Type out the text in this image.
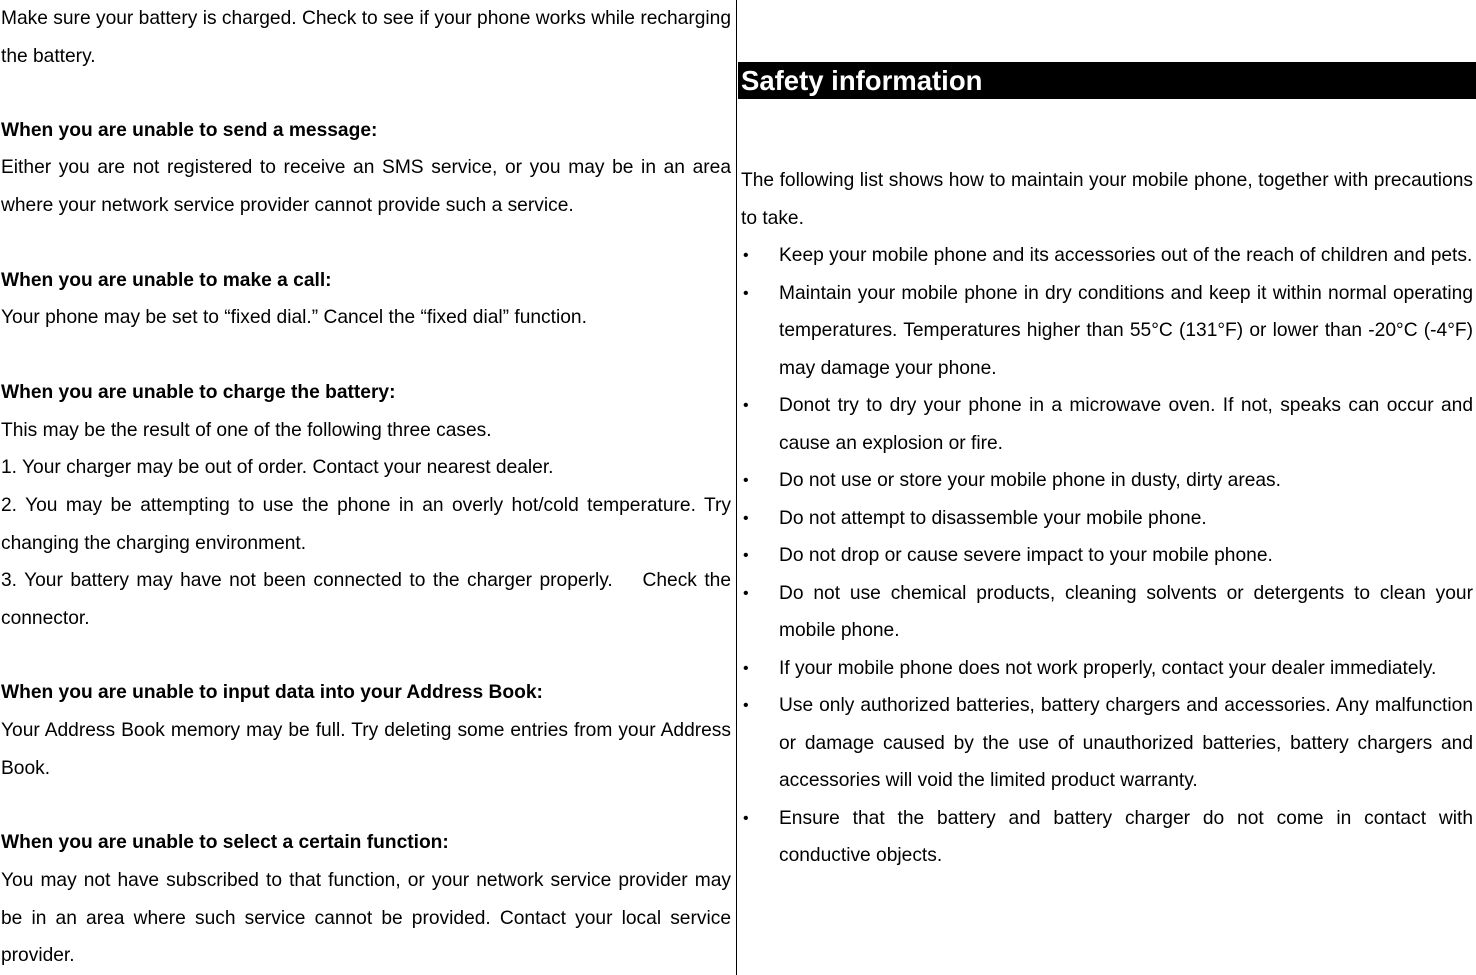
Make sure your battery is charged. Check to see if your phone works while recharging the battery.

When you are unable to send a message:

Either you are not registered to receive an SMS service, or you may be in an area where your network service provider cannot provide such a service.

When you are unable to make a call:

Your phone may be set to “fixed dial.” Cancel the “fixed dial” function.

When you are unable to charge the battery:

This may be the result of one of the following three cases.

1. Your charger may be out of order. Contact your nearest dealer.

2. You may be attempting to use the phone in an overly hot/cold temperature. Try changing the charging environment.

3. Your battery may have not been connected to the charger properly.    Check the connector.

When you are unable to input data into your Address Book:

Your Address Book memory may be full. Try deleting some entries from your Address Book.

When you are unable to select a certain function:

You may not have subscribed to that function, or your network service provider may be in an area where such service cannot be provided. Contact your local service provider.

Safety information

The following list shows how to maintain your mobile phone, together with precautions to take.

• Keep your mobile phone and its accessories out of the reach of children and pets.
• Maintain your mobile phone in dry conditions and keep it within normal operating temperatures. Temperatures higher than 55°C (131°F) or lower than -20°C (-4°F) may damage your phone.
• Donot try to dry your phone in a microwave oven. If not, speaks can occur and cause an explosion or fire.
• Do not use or store your mobile phone in dusty, dirty areas.
• Do not attempt to disassemble your mobile phone.
• Do not drop or cause severe impact to your mobile phone.
• Do not use chemical products, cleaning solvents or detergents to clean your mobile phone.
• If your mobile phone does not work properly, contact your dealer immediately.
• Use only authorized batteries, battery chargers and accessories. Any malfunction or damage caused by the use of unauthorized batteries, battery chargers and accessories will void the limited product warranty.
• Ensure that the battery and battery charger do not come in contact with conductive objects.
